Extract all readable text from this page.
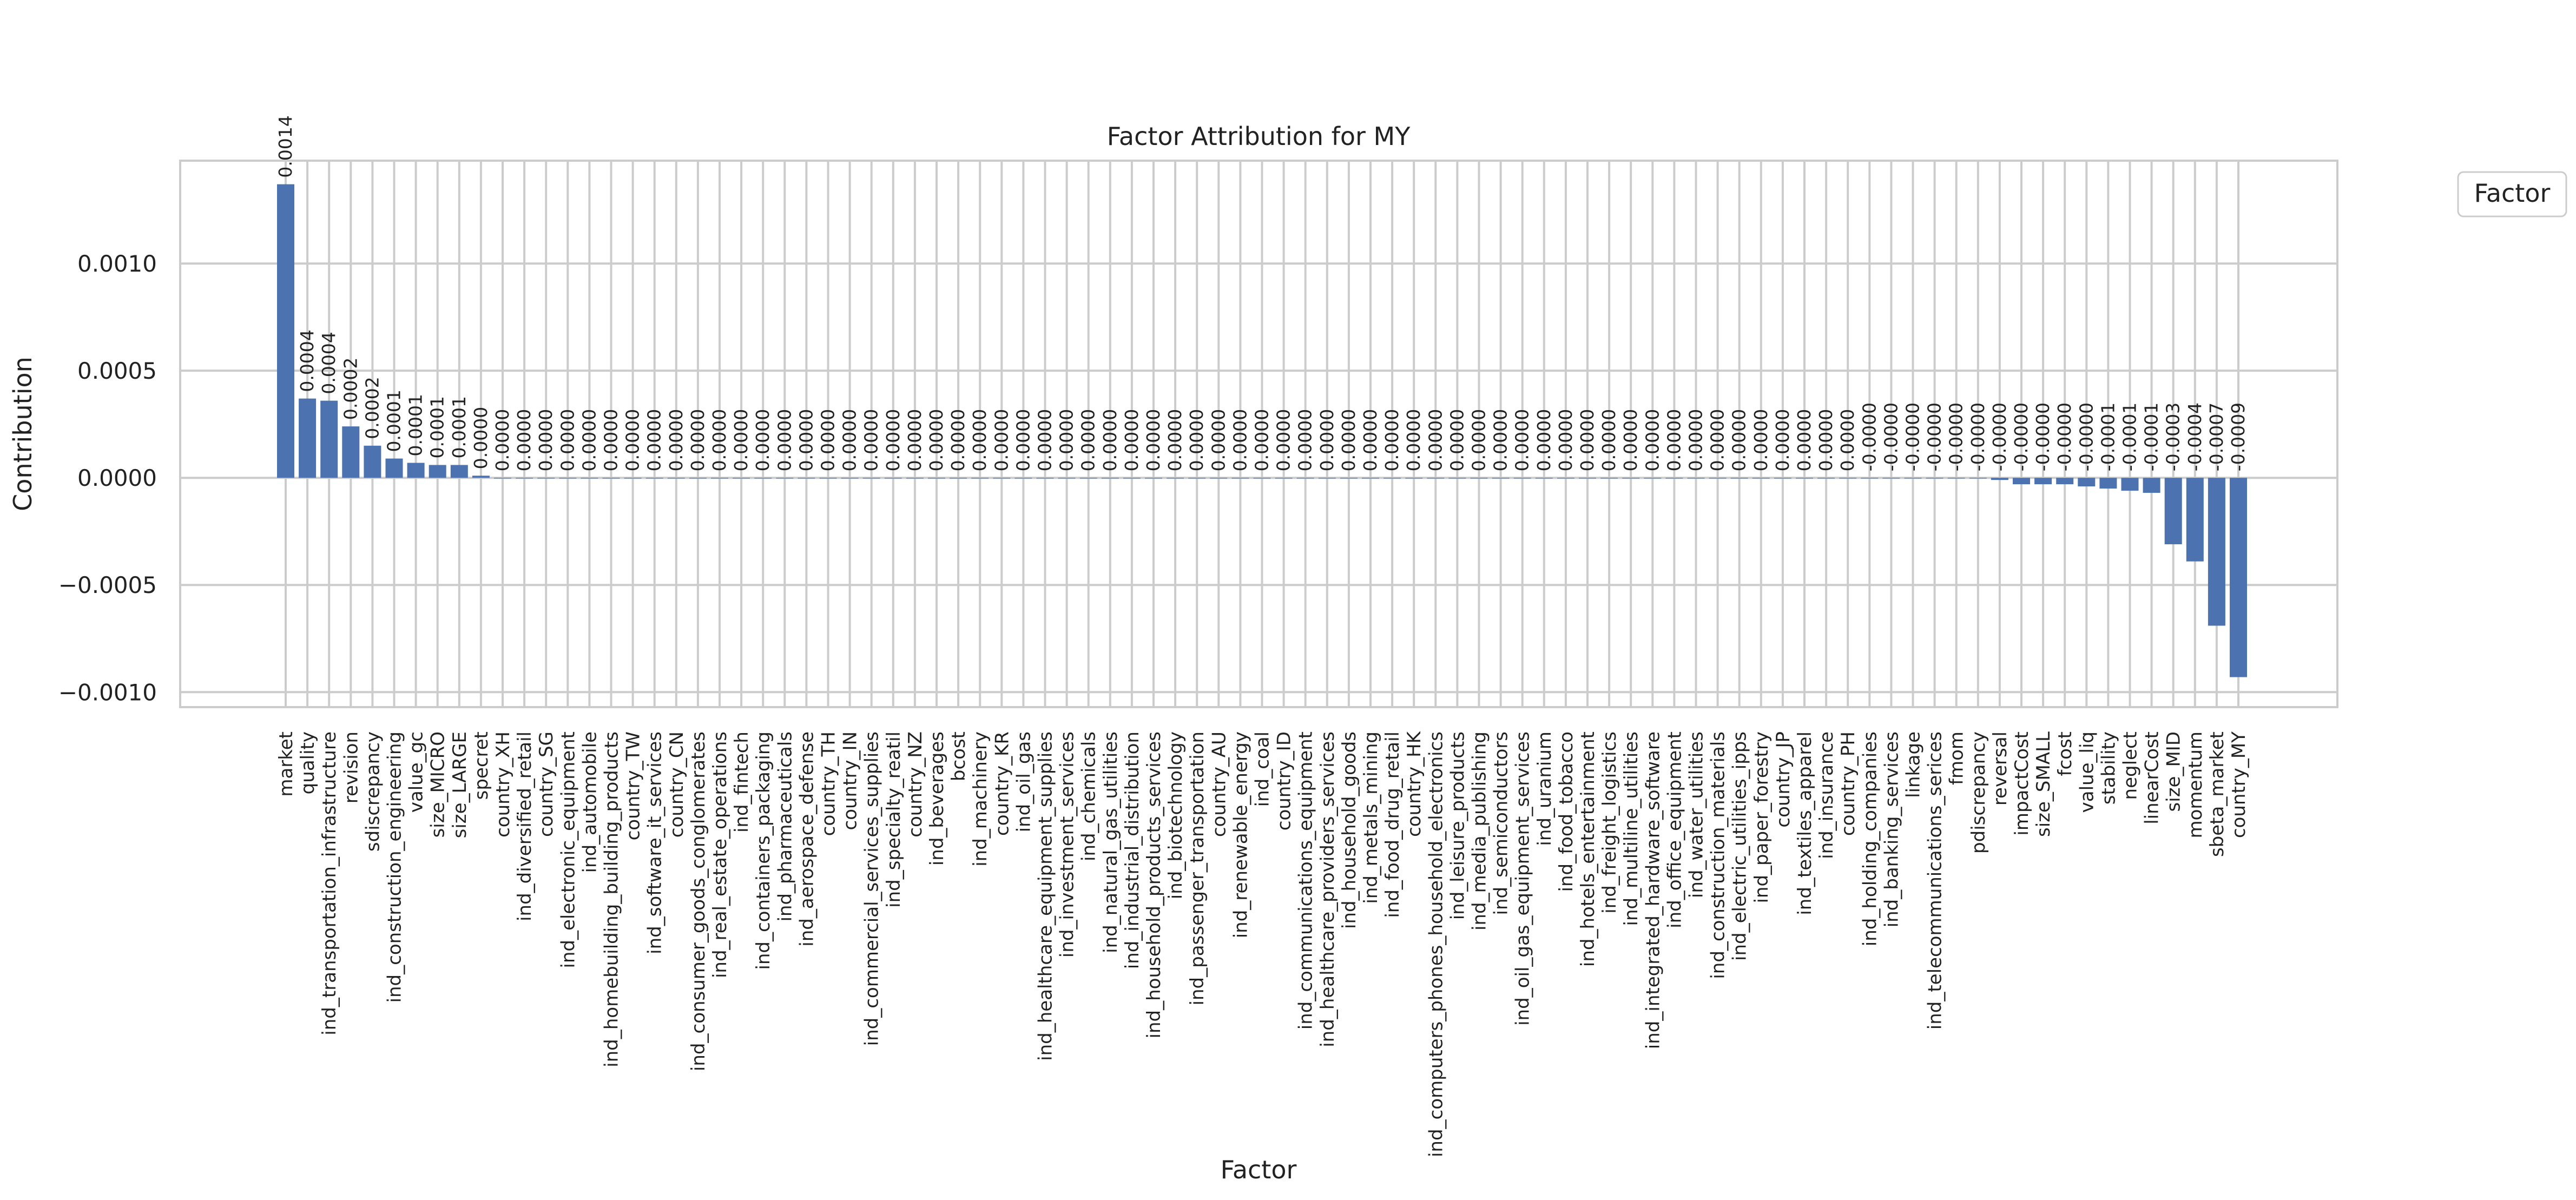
0.0014
0.0004 0.0004 0.0002 0.0002 0.0001 0.0001 0.0001 0.0001 0.0000 0.0000 0.0000 0.0000 0.0000 0.0000 0.0000 0.0000 0.0000 0.0000 0.0000 0.0000 0.0000 0.0000 0.0000 0.0000 0.0000 0.0000 0.0000 0.0000 0.0000 0.0000 0.0000 0.0000 0.0000 0.0000 0.0000 0.0000 0.0000 0.0000 0.0000 0.0000 0.0000 0.0000 0.0000 0.0000 0.0000 0.0000 0.0000 0.0000 0.0000 0.0000 0.0000 0.0000 0.0000 0.0000 0.0000 0.0000 0.0000 0.0000 0.0000 0.0000 0.0000 0.0000 0.0000 0.0000 0.0000 0.0000 0.0000 0.0000 0.0000 0.0000 0.0000 0.0000 -0.0000 -0.0000 -0.0000 -0.0000 -0.0000 -0.0000 -0.0000 -0.0000 -0.0000 -0.0000 -0.0000 -0.0001 -0.0001 -0.0001 -0.0003 -0.0004 -0.0007 -0.0009
0.0010
0.0005
0.0000
−0.0005
−0.0010
market quality ind_transportation_infrastructure revision sdiscrepancy ind_construction_engineering value_gc size_MICRO size_LARGE specret country_XH ind_diversified_retail country_SG ind_electronic_equipment ind_automobile ind_homebuilding_building_products country_TW ind_software_it_services country_CN ind_consumer_goods_conglomerates ind_real_estate_operations ind_fintech ind_containers_packaging ind_pharmaceuticals ind_aerospace_defense country_TH country_IN ind_commercial_services_supplies ind_specialty_reatil country_NZ ind_beverages bcost ind_machinery country_KR ind_oil_gas ind_healthcare_equipment_supplies ind_investment_services ind_chemicals ind_natural_gas_utilities ind_industrial_distribution ind_household_products_services ind_biotechnology ind_passenger_transportation country_AU ind_renewable_energy ind_coal country_ID ind_communications_equipment ind_healthcare_providers_services ind_household_goods ind_metals_mining ind_food_drug_retail country_HK ind_computers_phones_household_electronics ind_leisure_products ind_media_publishing ind_semiconductors ind_oil_gas_equipment_services ind_uranium ind_food_tobacco ind_hotels_entertainment ind_freight_logistics ind_multiline_utilities ind_integrated_hardware_software ind_office_equipment ind_water_utilities ind_construction_materials ind_electric_utilities_ipps ind_paper_forestry country_JP ind_textiles_apparel ind_insurance country_PH ind_holding_companies ind_banking_services linkage ind_telecommunications_serices fmom pdiscrepancy reversal impactCost size_SMALL fcost value_liq stability neglect linearCost size_MID momentum sbeta_market country_MY
Factor Attribution for MY
Factor
Contribution
Factor
